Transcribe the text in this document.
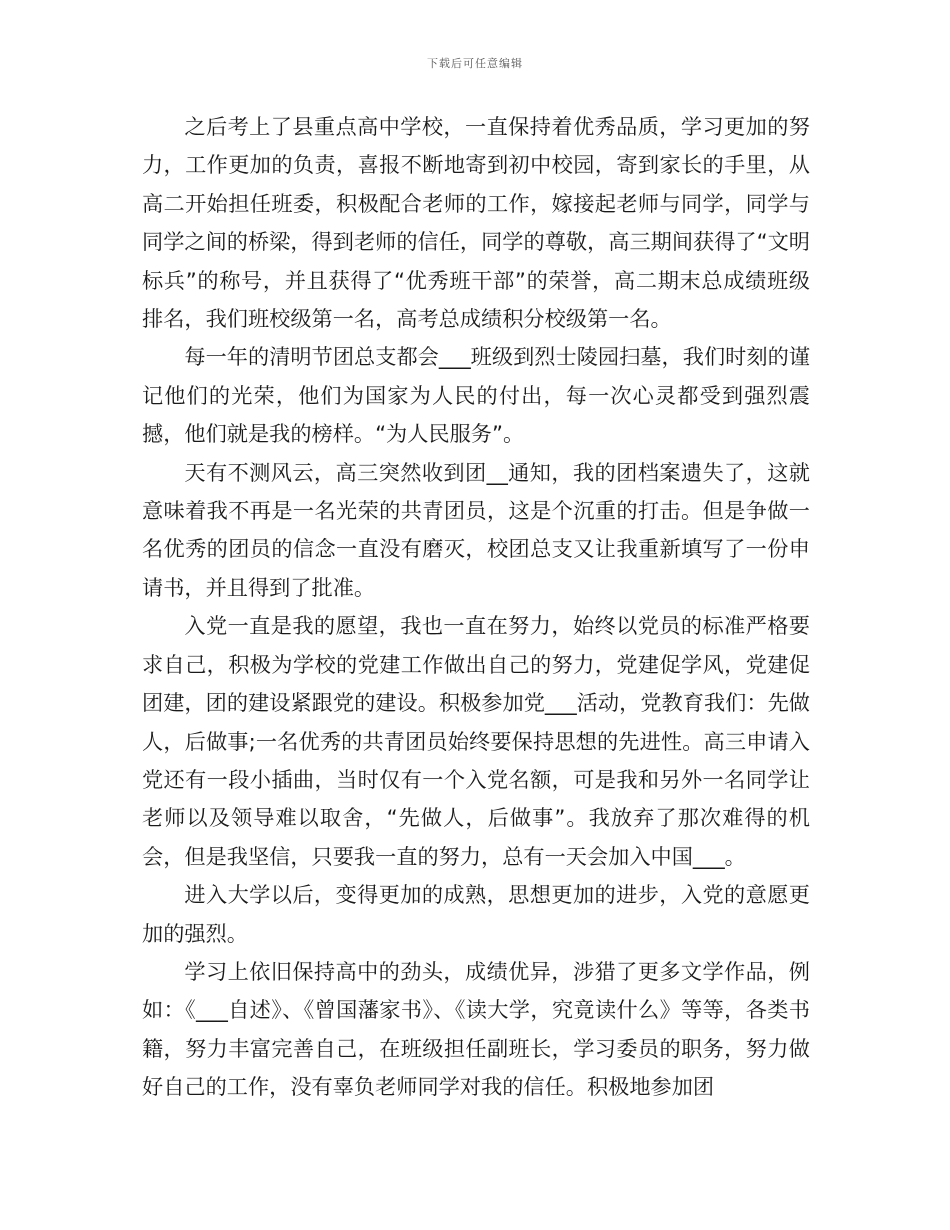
下载后可任意编辑

之后考上了县重点高中学校，一直保持着优秀品质，学习更加的努力，工作更加的负责，喜报不断地寄到初中校园，寄到家长的手里，从高二开始担任班委，积极配合老师的工作，嫁接起老师与同学，同学与同学之间的桥梁，得到老师的信任，同学的尊敬，高三期间获得了“文明标兵”的称号，并且获得了“优秀班干部”的荣誉，高二期末总成绩班级排名，我们班校级第一名，高考总成绩积分校级第一名。

每一年的清明节团总支都会___班级到烈士陵园扫墓，我们时刻的谨记他们的光荣，他们为国家为人民的付出，每一次心灵都受到强烈震撼，他们就是我的榜样。“为人民服务”。

天有不测风云，高三突然收到团__通知，我的团档案遗失了，这就意味着我不再是一名光荣的共青团员，这是个沉重的打击。但是争做一名优秀的团员的信念一直没有磨灭，校团总支又让我重新填写了一份申请书，并且得到了批准。

入党一直是我的愿望，我也一直在努力，始终以党员的标准严格要求自己，积极为学校的党建工作做出自己的努力，党建促学风，党建促团建，团的建设紧跟党的建设。积极参加党___活动，党教育我们：先做人，后做事;一名优秀的共青团员始终要保持思想的先进性。高三申请入党还有一段小插曲，当时仅有一个入党名额，可是我和另外一名同学让老师以及领导难以取舍，“先做人，后做事”。我放弃了那次难得的机会，但是我坚信，只要我一直的努力，总有一天会加入中国___。

进入大学以后，变得更加的成熟，思想更加的进步，入党的意愿更加的强烈。

学习上依旧保持高中的劲头，成绩优异，涉猎了更多文学作品，例如：《___自述》、《曾国藩家书》、《读大学，究竟读什么》等等，各类书籍，努力丰富完善自己，在班级担任副班长，学习委员的职务，努力做好自己的工作，没有辜负老师同学对我的信任。积极地参加团
